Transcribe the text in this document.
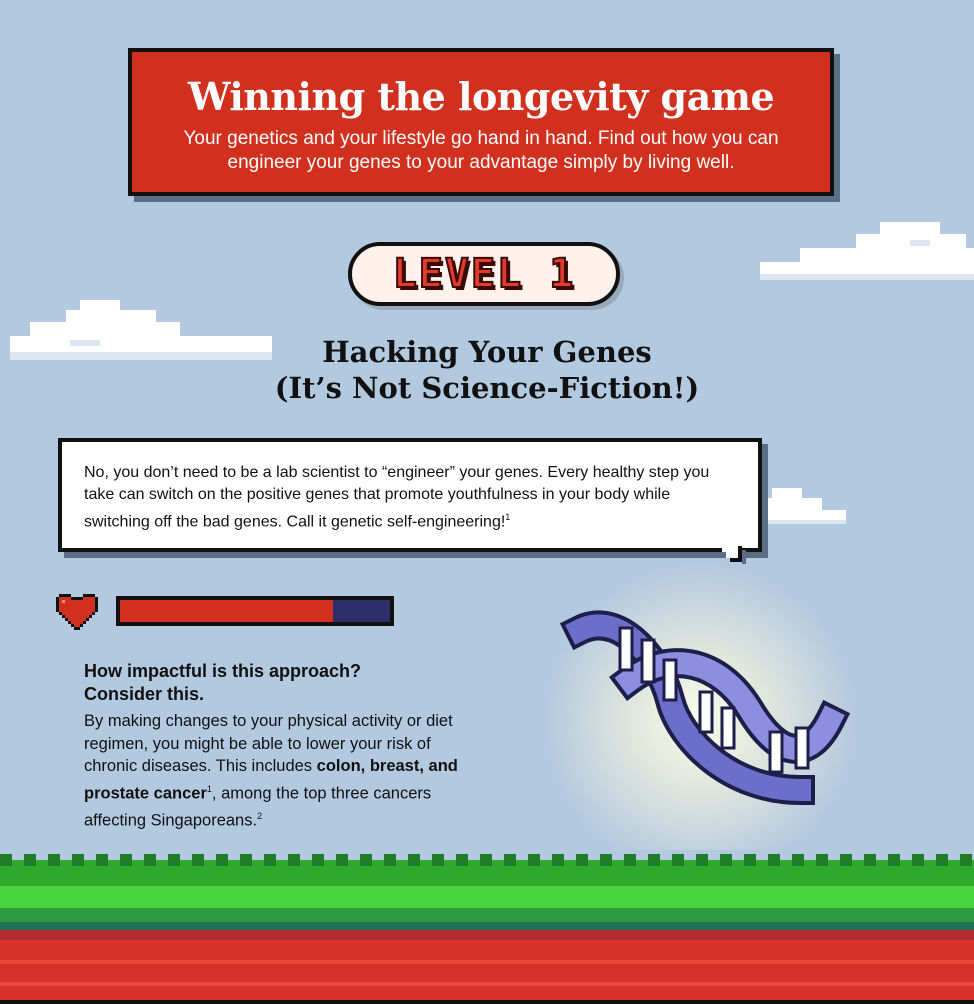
Winning the longevity game
Your genetics and your lifestyle go hand in hand. Find out how you can engineer your genes to your advantage simply by living well.
LEVEL 1
Hacking Your Genes
(It’s Not Science-Fiction!)
No, you don’t need to be a lab scientist to “engineer” your genes. Every healthy step you take can switch on the positive genes that promote youthfulness in your body while switching off the bad genes. Call it genetic self-engineering!$^1$
How impactful is this approach?
Consider this.
By making changes to your physical activity or diet regimen, you might be able to lower your risk of chronic diseases. This includes colon, breast, and prostate cancer$^1$, among the top three cancers affecting Singaporeans.$^2$
